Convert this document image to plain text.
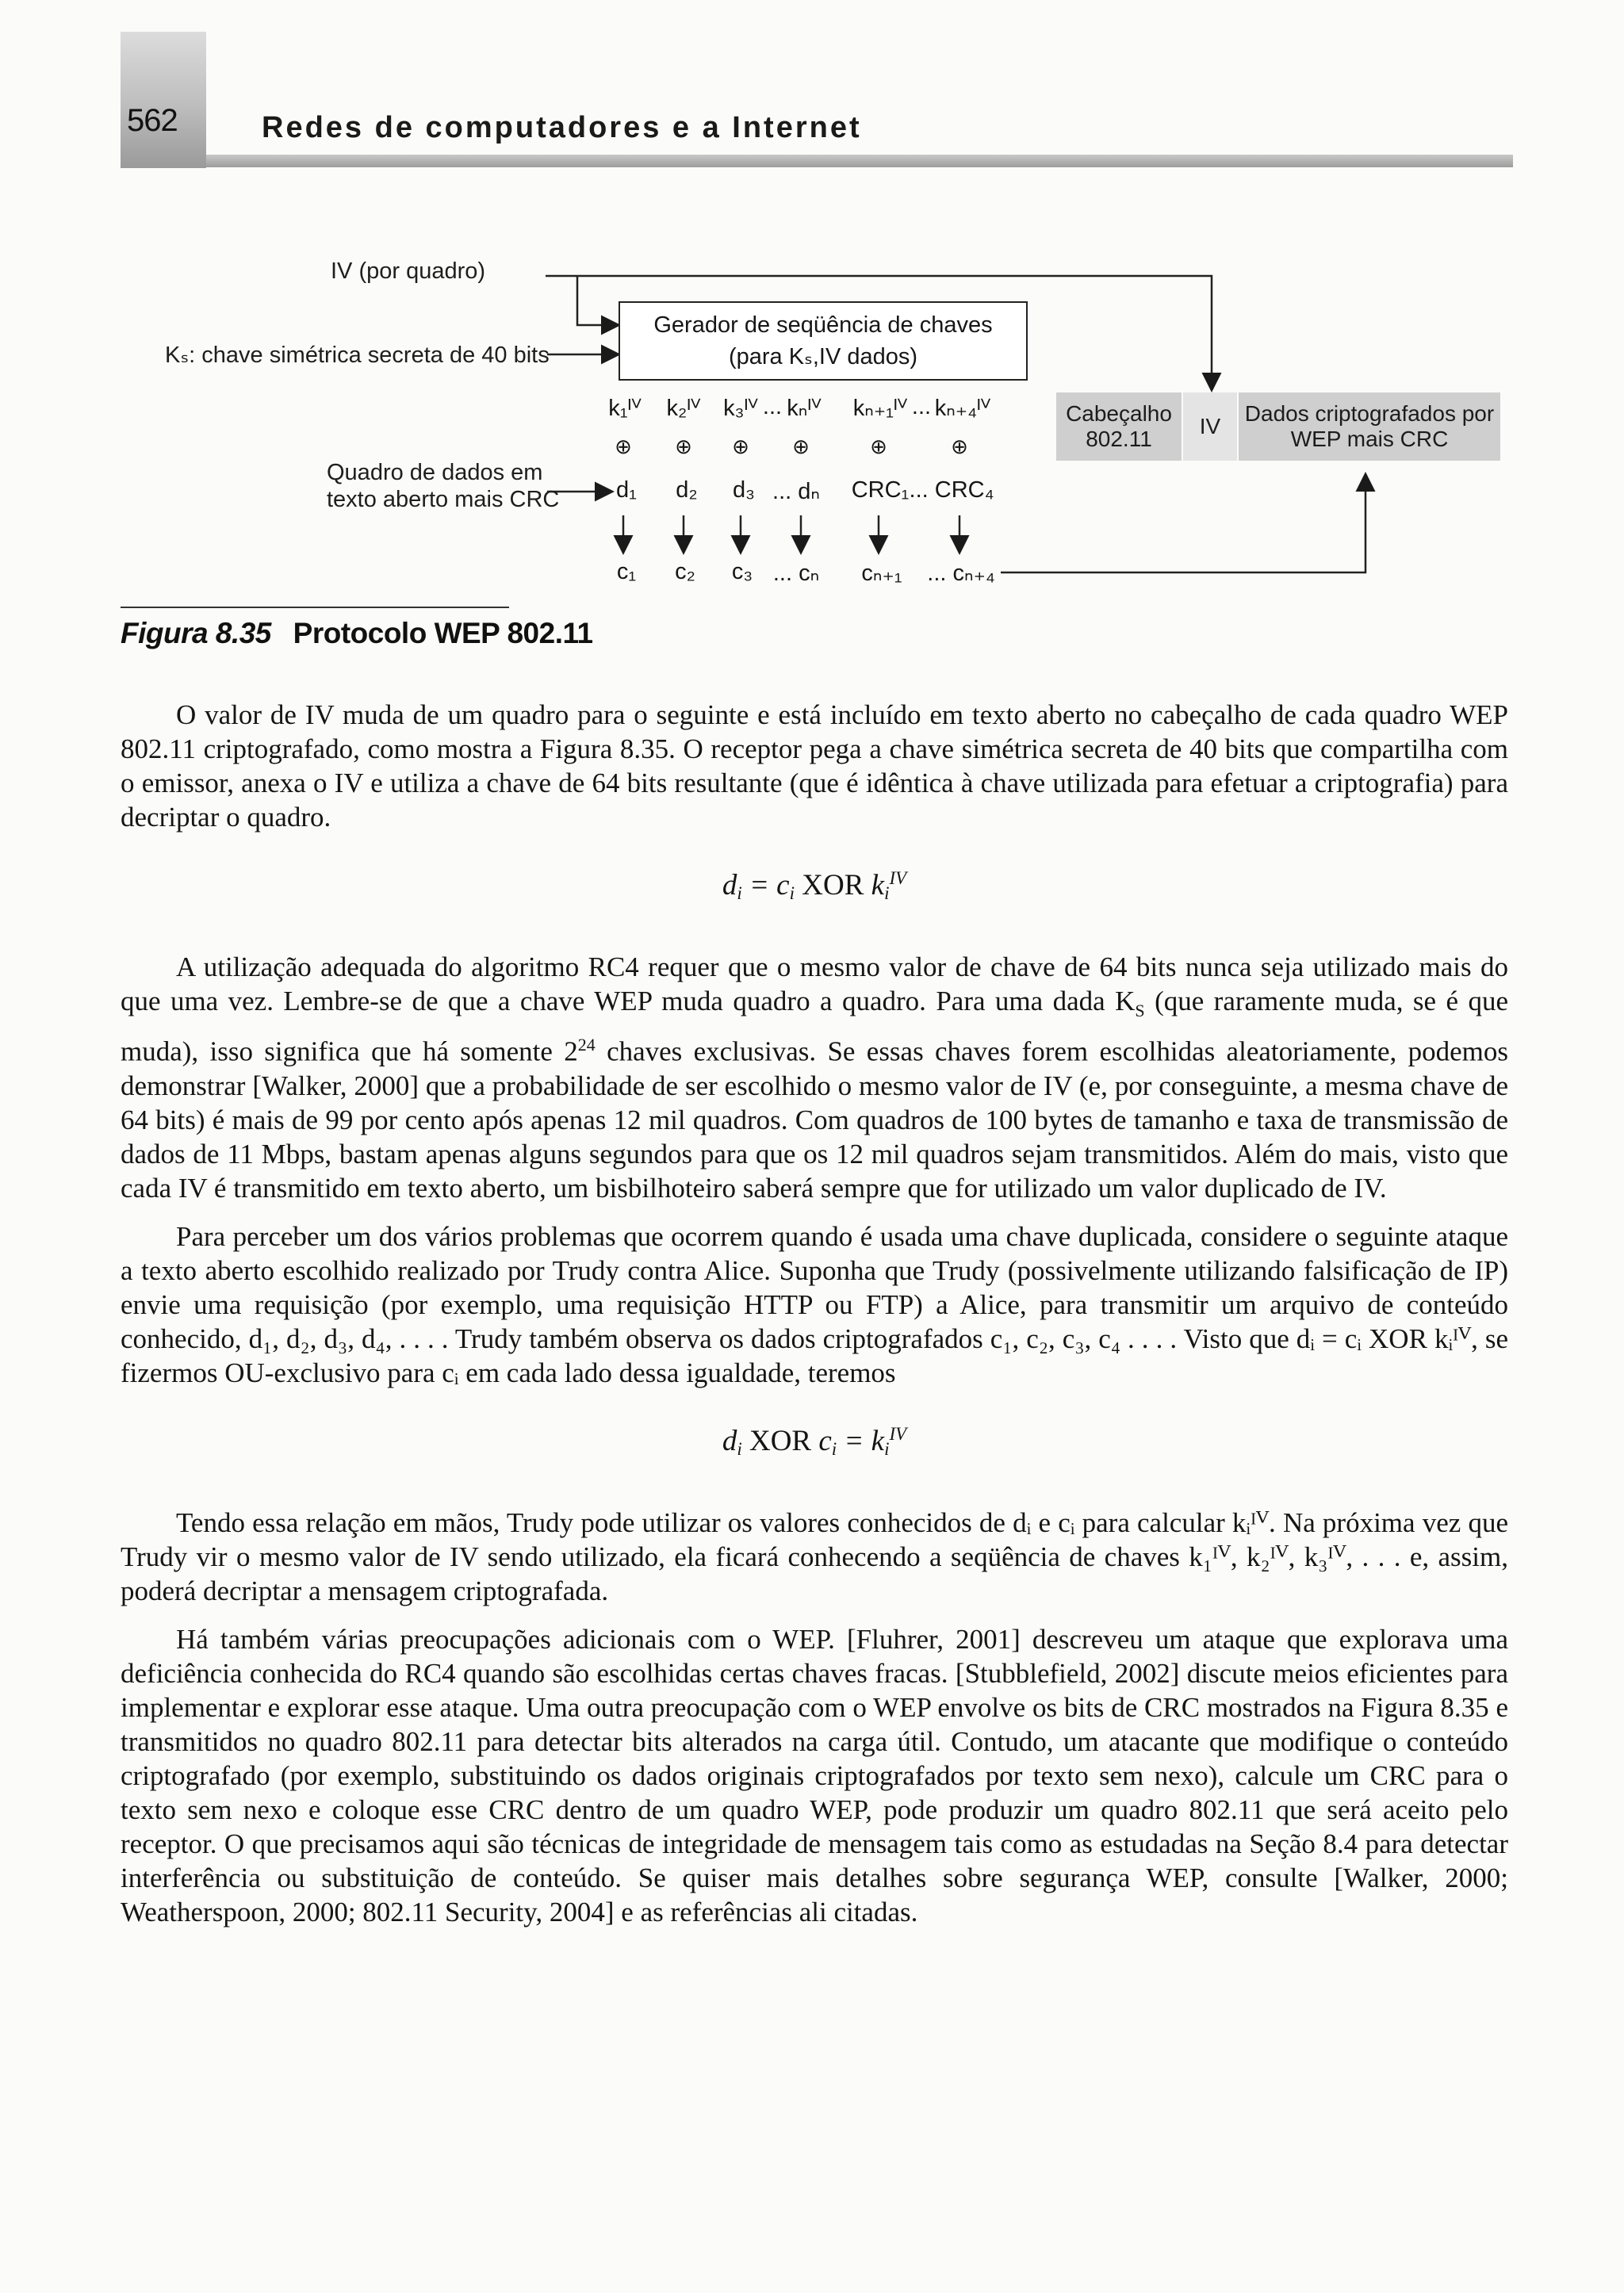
562	Redes de computadores e a Internet
IV (por quadro)
Kₛ: chave simétrica secreta de 40 bits
Quadro de dados em
texto aberto mais CRC
Gerador de seqüência de chaves
(para Kₛ,IV dados)
k₁ᴵⱽ k₂ᴵⱽ k₃ᴵⱽ ... kₙᴵⱽ kₙ₊₁ᴵⱽ ... kₙ₊₄ᴵⱽ
⊕ ⊕ ⊕ ⊕	⊕	⊕
d₁ d₂ d₃ ... dₙ CRC₁ ... CRC₄
c₁ c₂ c₃ ... cₙ cₙ₊₁ ... cₙ₊₄
Cabeçalho 802.11
IV
Dados criptografados por WEP mais CRC
Figura 8.35 Protocolo WEP 802.11

O valor de IV muda de um quadro para o seguinte e está incluído em texto aberto no cabeçalho de cada quadro WEP 802.11 criptografado, como mostra a Figura 8.35. O receptor pega a chave simétrica secreta de 40 bits que compartilha com o emissor, anexa o IV e utiliza a chave de 64 bits resultante (que é idêntica à chave utilizada para efetuar a criptografia) para decriptar o quadro.

di = ci XOR $ki^{IV}$

A utilização adequada do algoritmo RC4 requer que o mesmo valor de chave de 64 bits nunca seja utilizado mais do que uma vez. Lembre-se de que a chave WEP muda quadro a quadro. Para uma dada $K_S$ (que raramente muda, se é que muda), isso significa que há somente $2^{24}$ chaves exclusivas. Se essas chaves forem escolhidas aleatoriamente, podemos demonstrar [Walker, 2000] que a probabilidade de ser escolhido o mesmo valor de IV (e, por conseguinte, a mesma chave de 64 bits) é mais de 99 por cento após apenas 12 mil quadros. Com quadros de 100 bytes de tamanho e taxa de transmissão de dados de 11 Mbps, bastam apenas alguns segundos para que os 12 mil quadros sejam transmitidos. Além do mais, visto que cada IV é transmitido em texto aberto, um bisbilhoteiro saberá sempre que for utilizado um valor duplicado de IV.

Para perceber um dos vários problemas que ocorrem quando é usada uma chave duplicada, considere o seguinte ataque a texto aberto escolhido realizado por Trudy contra Alice. Suponha que Trudy (possivelmente utilizando falsificação de IP) envie uma requisição (por exemplo, uma requisição HTTP ou FTP) a Alice, para transmitir um arquivo de conteúdo conhecido, d₁, d₂, d₃, d₄, . . . . Trudy também observa os dados criptografados c₁, c₂, c₃, c₄ . . . . Visto que dᵢ = cᵢ XOR kᵢᴵⱽ, se fizermos OU-exclusivo para cᵢ em cada lado dessa igualdade, teremos

di XOR ci = $ki^{IV}$

Tendo essa relação em mãos, Trudy pode utilizar os valores conhecidos de dᵢ e cᵢ para calcular kᵢᴵⱽ. Na próxima vez que Trudy vir o mesmo valor de IV sendo utilizado, ela ficará conhecendo a seqüência de chaves k₁ᴵⱽ, k₂ᴵⱽ, k₃ᴵⱽ, . . . e, assim, poderá decriptar a mensagem criptografada.

Há também várias preocupações adicionais com o WEP. [Fluhrer, 2001] descreveu um ataque que explorava uma deficiência conhecida do RC4 quando são escolhidas certas chaves fracas. [Stubblefield, 2002] discute meios eficientes para implementar e explorar esse ataque. Uma outra preocupação com o WEP envolve os bits de CRC mostrados na Figura 8.35 e transmitidos no quadro 802.11 para detectar bits alterados na carga útil. Contudo, um atacante que modifique o conteúdo criptografado (por exemplo, substituindo os dados originais criptografados por texto sem nexo), calcule um CRC para o texto sem nexo e coloque esse CRC dentro de um quadro WEP, pode produzir um quadro 802.11 que será aceito pelo receptor. O que precisamos aqui são técnicas de integridade de mensagem tais como as estudadas na Seção 8.4 para detectar interferência ou substituição de conteúdo. Se quiser mais detalhes sobre segurança WEP, consulte [Walker, 2000; Weatherspoon, 2000; 802.11 Security, 2004] e as referências ali citadas.
